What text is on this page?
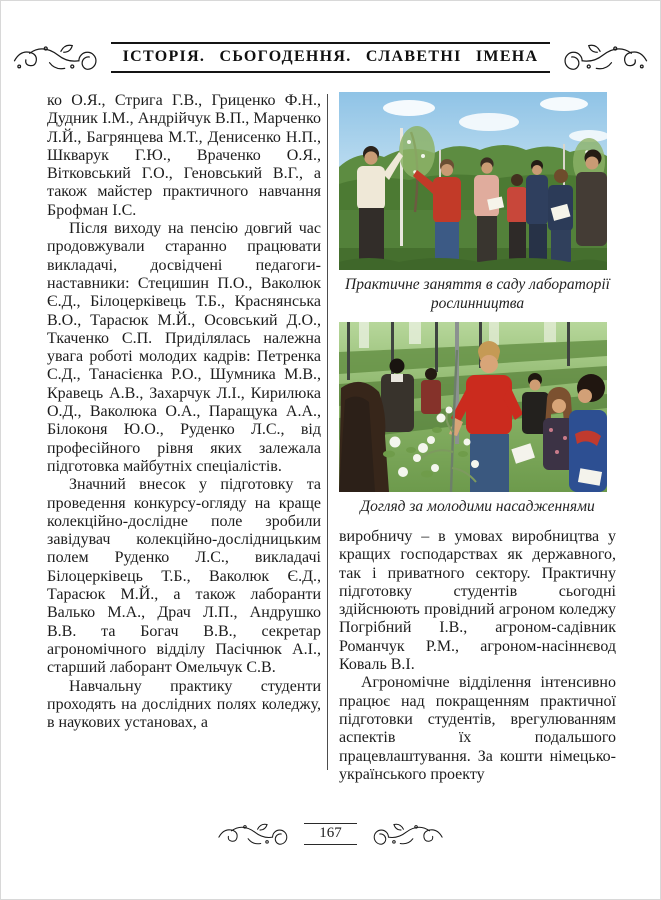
ІСТОРІЯ. СЬОГОДЕННЯ. СЛАВЕТНІ ІМЕНА

ко О.Я., Стрига Г.В., Гриценко Ф.Н., Дудник І.М., Андрійчук В.П., Марченко Л.Й., Багрянцева М.Т., Денисенко Н.П., Шкварук Г.Ю., Враченко О.Я., Вітковський Г.О., Геновський В.Г., а також майстер практичного навчання Брофман І.С.

Після виходу на пенсію довгий час продовжували старанно працювати викладачі, досвідчені педагоги-наставники: Стецишин П.О., Ваколюк Є.Д., Білоцерківець Т.Б., Краснянська В.О., Тарасюк М.Й., Осовський Д.О., Ткаченко С.П. Приділялась належна увага роботі молодих кадрів: Петренка С.Д., Танасієнка Р.О., Шумника М.В., Кравець А.В., Захарчук Л.І., Кирилюка О.Д., Ваколюка О.А., Паращука А.А., Білоконя Ю.О., Руденко Л.С., від професійного рівня яких залежала підготовка майбутніх спеціалістів.

Значний внесок у підготовку та проведення конкурсу-огляду на краще колекційно-дослідне поле зробили завідувач колекційно-дослідницьким полем Руденко Л.С., викладачі Білоцерківець Т.Б., Ваколюк Є.Д., Тарасюк М.Й., а також лаборанти Валько М.А., Драч Л.П., Андрушко В.В. та Богач В.В., секретар агрономічного відділу Пасічнюк А.І., старший лаборант Омельчук С.В.

Навчальну практику студенти проходять на дослідних полях коледжу, в наукових установах, а

Практичне заняття в саду лабораторії рослинництва
Догляд за молодими насадженнями

виробничу – в умовах виробництва у кращих господарствах як державного, так і приватного сектору. Практичну підготовку студентів сьогодні здійснюють провідний агроном коледжу Погрібний І.В., агроном-садівник Романчук Р.М., агроном-насіннєвод Коваль В.І.

Агрономічне відділення інтенсивно працює над покращенням практичної підготовки студентів, врегулюванням аспектів їх подальшого працевлаштування. За кошти німецько-українського проекту

167
